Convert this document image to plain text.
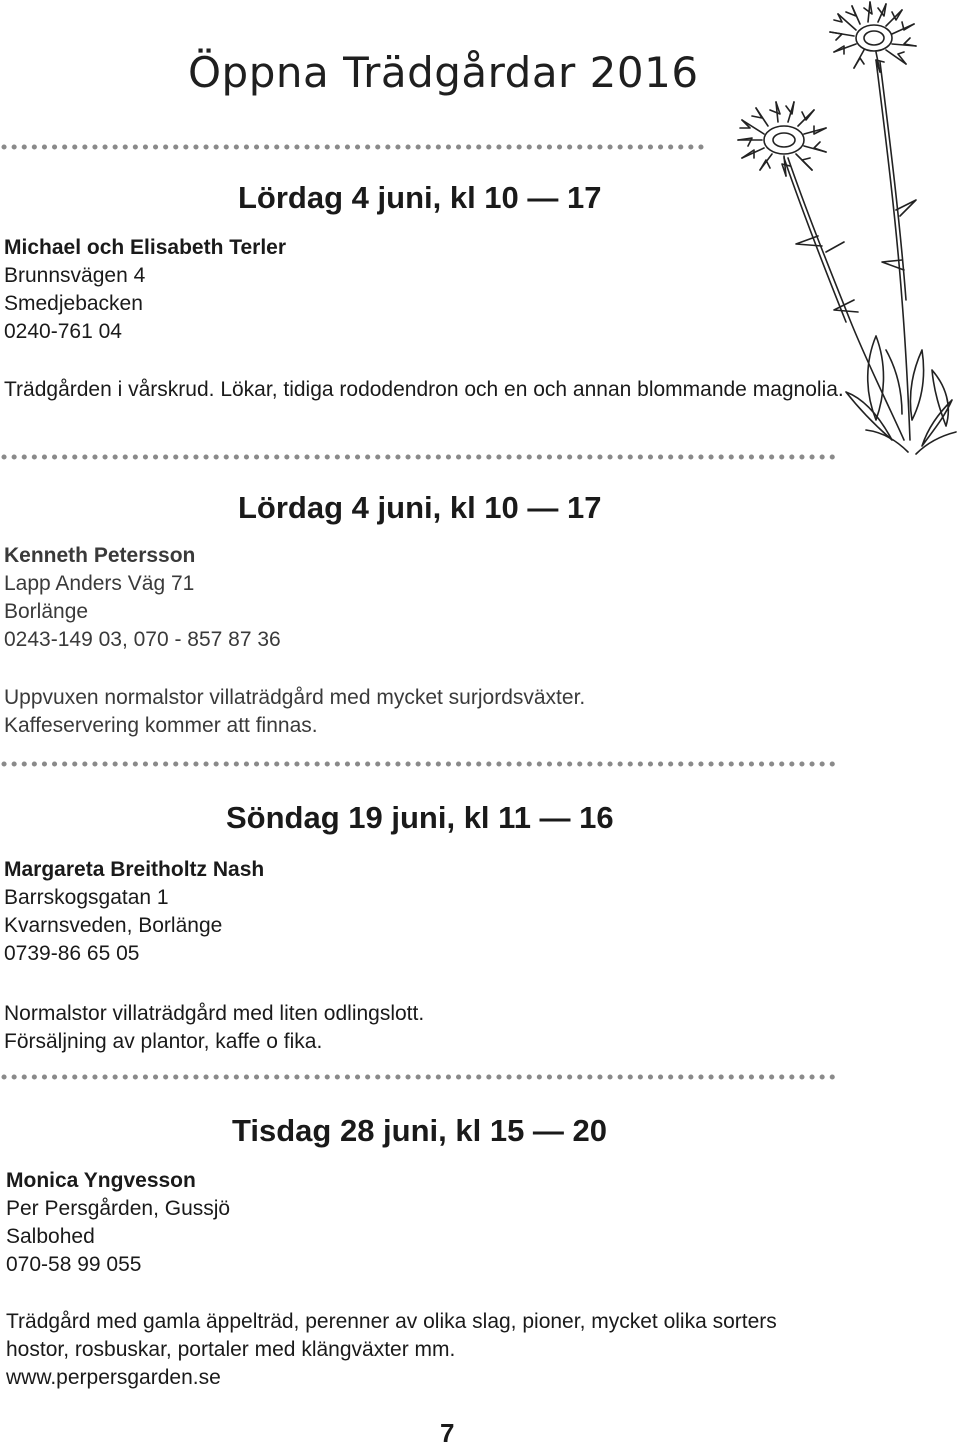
Öppna Trädgårdar 2016
Lördag 4 juni, kl 10 — 17
Michael och Elisabeth Terler
Brunnsvägen 4
Smedjebacken
0240-761 04
Trädgården i vårskrud. Lökar, tidiga rododendron och en och annan blommande magnolia.
Lördag 4 juni, kl 10 — 17
Kenneth Petersson
Lapp Anders Väg 71
Borlänge
0243-149 03, 070 - 857 87 36
Uppvuxen normalstor villaträdgård med mycket surjordsväxter. Kaffeservering kommer att finnas.
Söndag 19 juni, kl 11 — 16
Margareta Breitholtz Nash
Barrskogsgatan 1
Kvarnsveden, Borlänge
0739-86 65 05
Normalstor villaträdgård med liten odlingslott. Försäljning av plantor, kaffe o fika.
Tisdag 28 juni, kl 15 — 20
Monica Yngvesson
Per Persgården, Gussjö
Salbohed
070-58 99 055
Trädgård med gamla äppelträd, perenner av olika slag, pioner, mycket olika sorters hostor, rosbuskar, portaler med klängväxter mm.
www.perpersgarden.se
7
